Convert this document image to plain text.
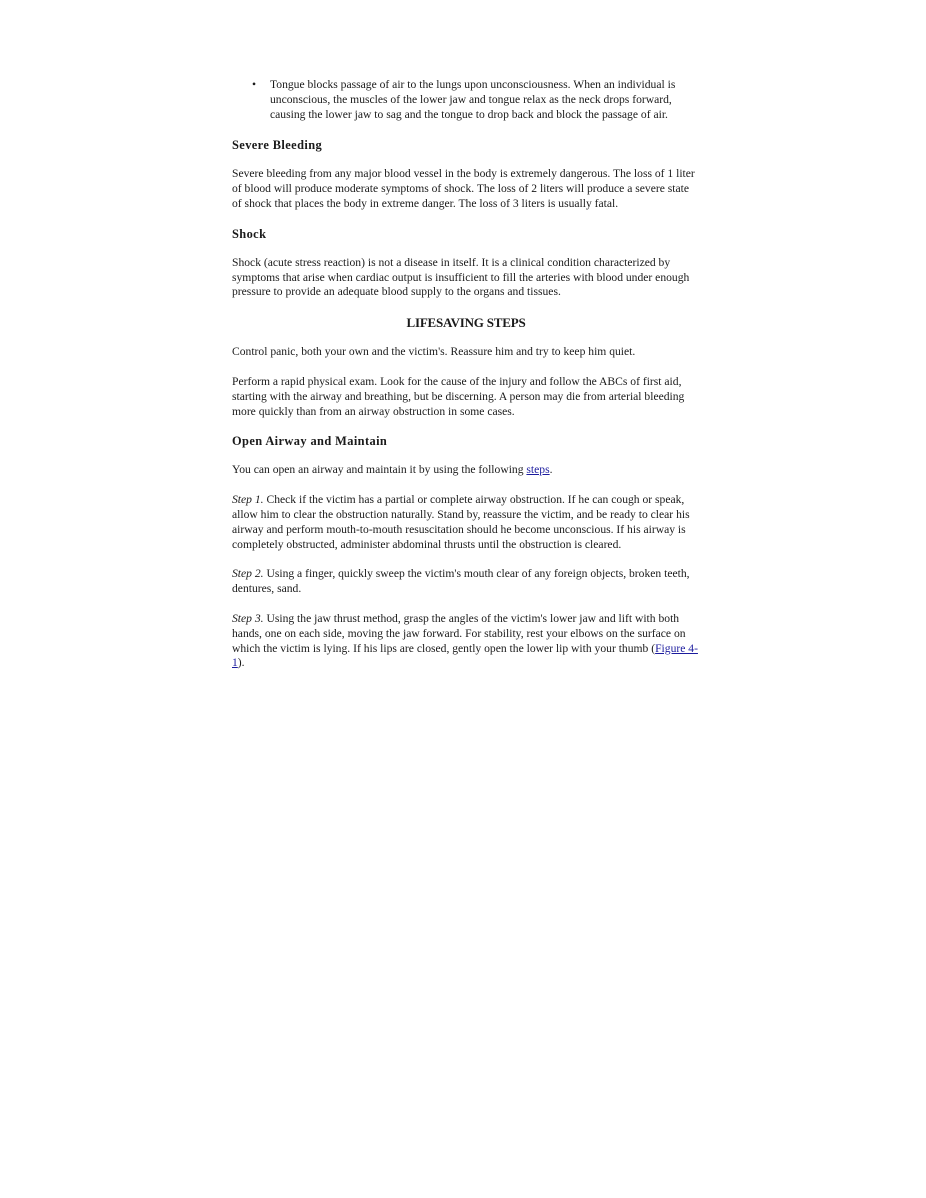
• Tongue blocks passage of air to the lungs upon unconsciousness. When an individual is unconscious, the muscles of the lower jaw and tongue relax as the neck drops forward, causing the lower jaw to sag and the tongue to drop back and block the passage of air.
Severe Bleeding

Severe bleeding from any major blood vessel in the body is extremely dangerous. The loss of 1 liter of blood will produce moderate symptoms of shock. The loss of 2 liters will produce a severe state of shock that places the body in extreme danger. The loss of 3 liters is usually fatal.

Shock

Shock (acute stress reaction) is not a disease in itself. It is a clinical condition characterized by symptoms that arise when cardiac output is insufficient to fill the arteries with blood under enough pressure to provide an adequate blood supply to the organs and tissues.

LIFESAVING STEPS

Control panic, both your own and the victim's. Reassure him and try to keep him quiet.

Perform a rapid physical exam. Look for the cause of the injury and follow the ABCs of first aid, starting with the airway and breathing, but be discerning. A person may die from arterial bleeding more quickly than from an airway obstruction in some cases.

Open Airway and Maintain

You can open an airway and maintain it by using the following steps.

Step 1. Check if the victim has a partial or complete airway obstruction. If he can cough or speak, allow him to clear the obstruction naturally. Stand by, reassure the victim, and be ready to clear his airway and perform mouth-to-mouth resuscitation should he become unconscious. If his airway is completely obstructed, administer abdominal thrusts until the obstruction is cleared.

Step 2. Using a finger, quickly sweep the victim's mouth clear of any foreign objects, broken teeth, dentures, sand.

Step 3. Using the jaw thrust method, grasp the angles of the victim's lower jaw and lift with both hands, one on each side, moving the jaw forward. For stability, rest your elbows on the surface on which the victim is lying. If his lips are closed, gently open the lower lip with your thumb (Figure 4-1).
